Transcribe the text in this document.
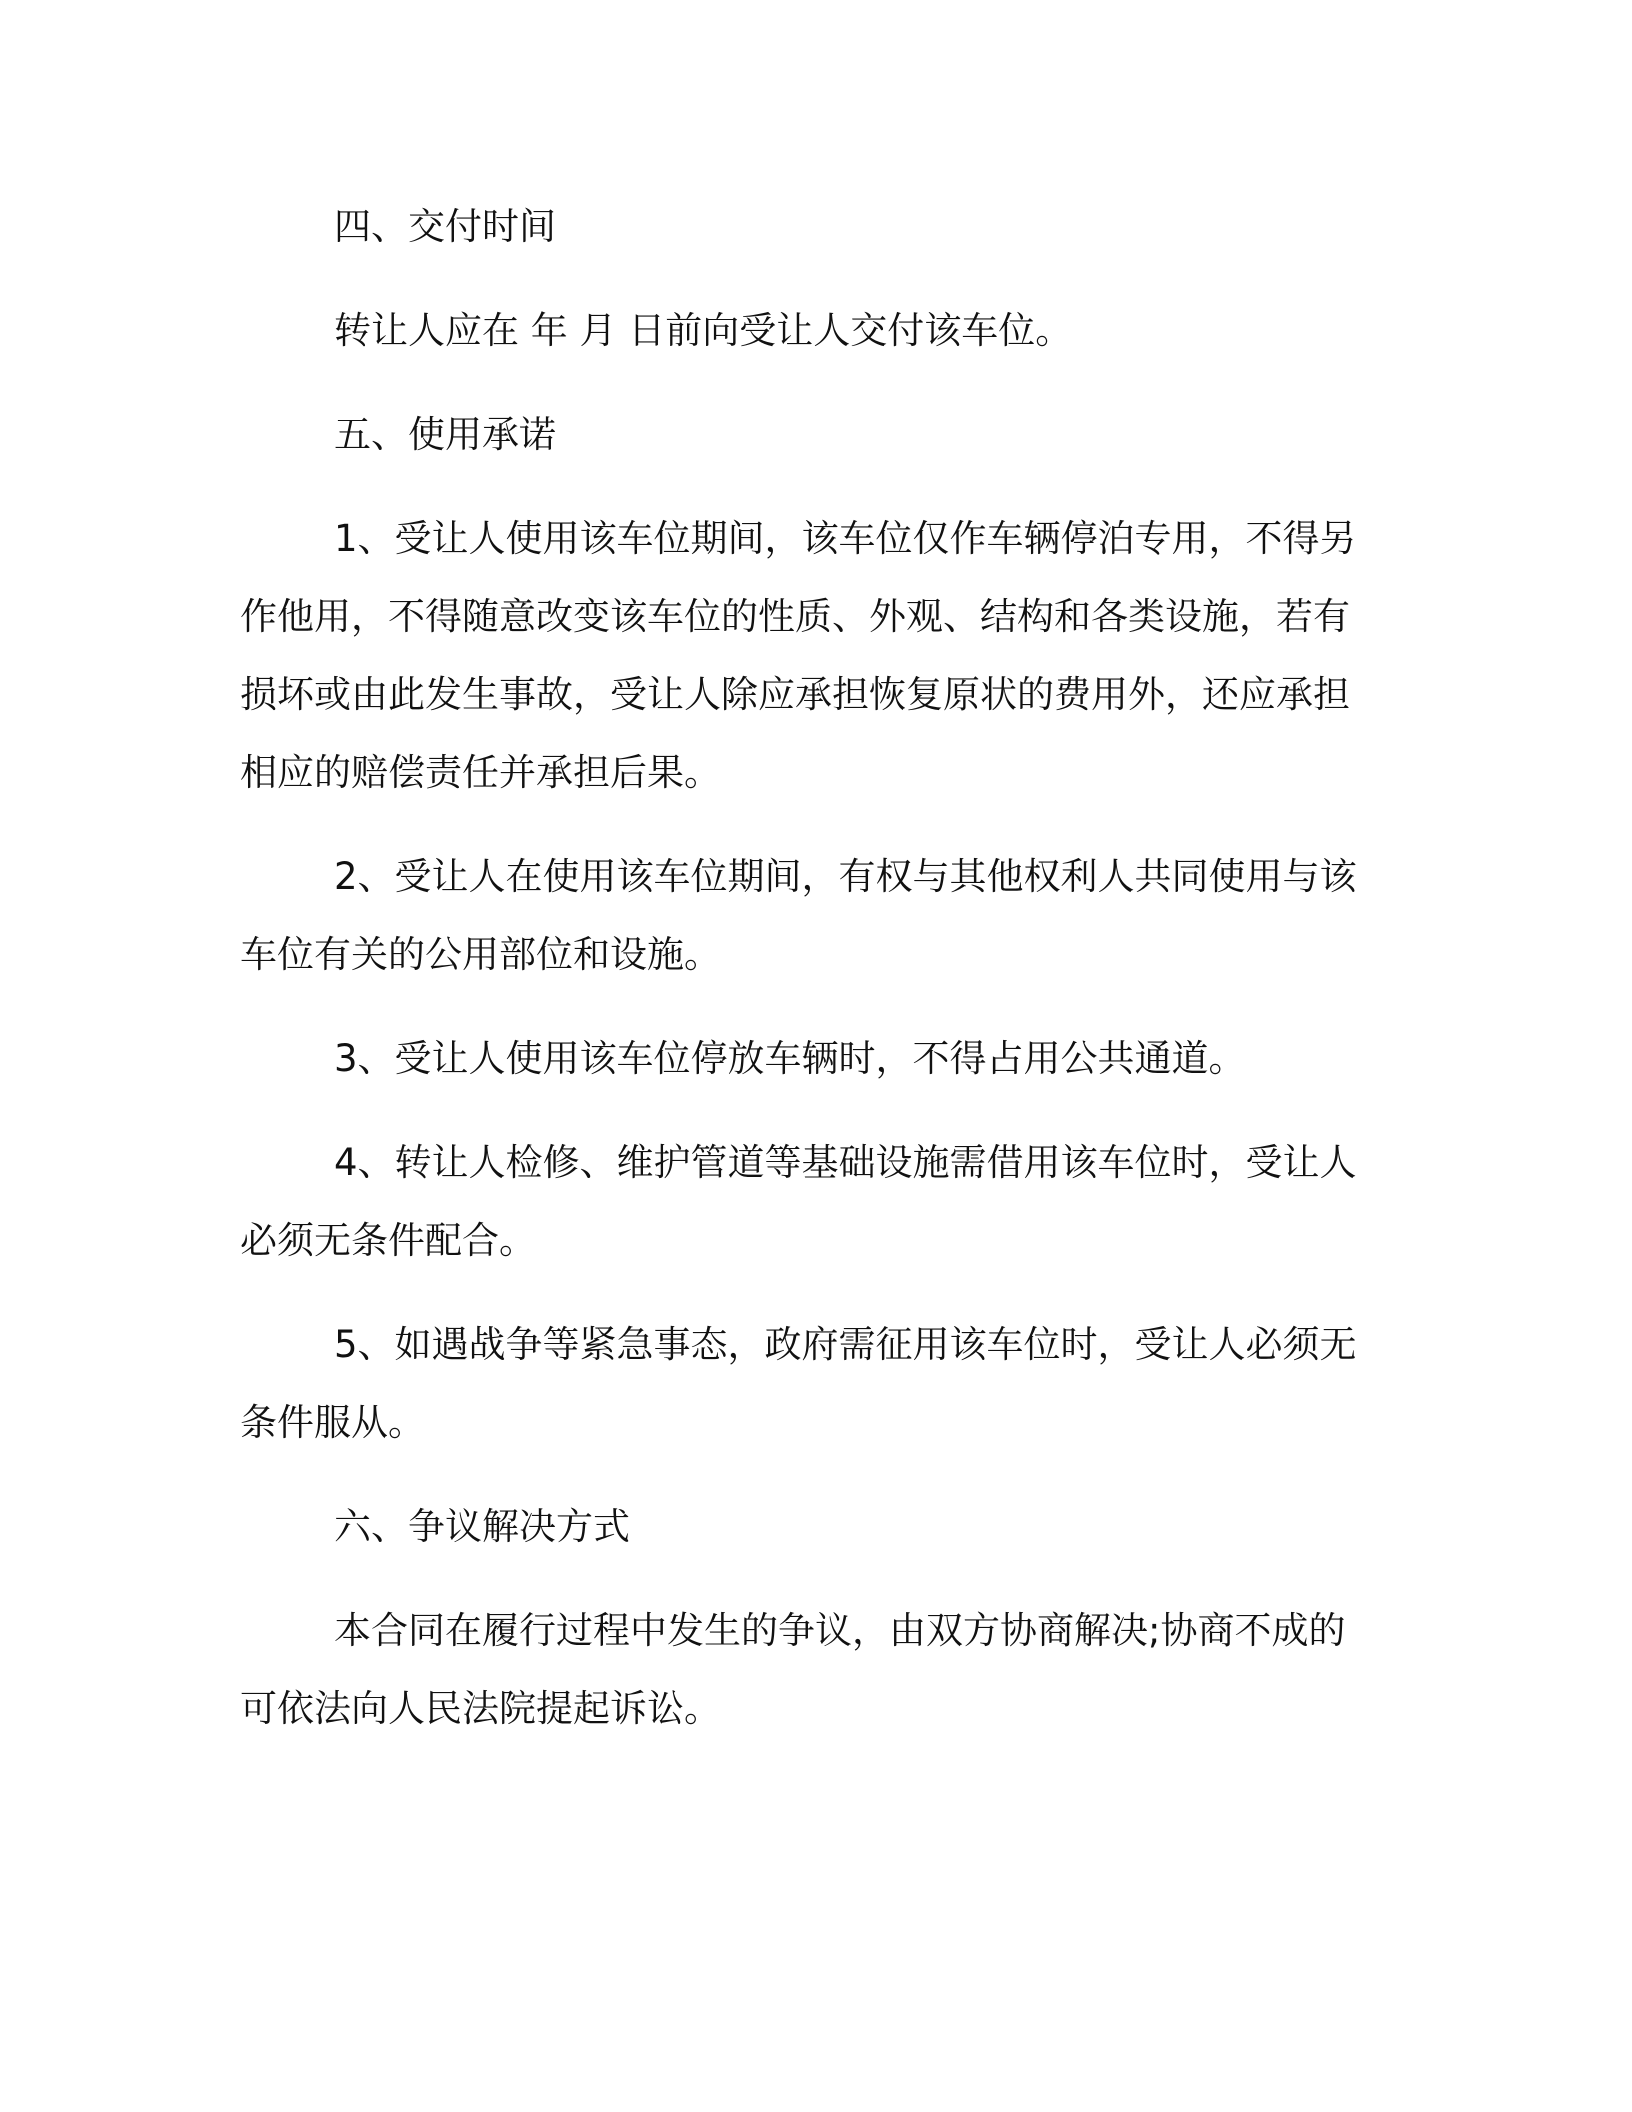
四、交付时间

转让人应在 年 月 日前向受让人交付该车位。

五、使用承诺

1、受让人使用该车位期间，该车位仅作车辆停泊专用，不得另

作他用，不得随意改变该车位的性质、外观、结构和各类设施，若有

损坏或由此发生事故，受让人除应承担恢复原状的费用外，还应承担

相应的赔偿责任并承担后果。

2、受让人在使用该车位期间，有权与其他权利人共同使用与该

车位有关的公用部位和设施。

3、受让人使用该车位停放车辆时，不得占用公共通道。

4、转让人检修、维护管道等基础设施需借用该车位时，受让人

必须无条件配合。

5、如遇战争等紧急事态，政府需征用该车位时，受让人必须无

条件服从。

六、争议解决方式

本合同在履行过程中发生的争议，由双方协商解决;协商不成的

可依法向人民法院提起诉讼。
